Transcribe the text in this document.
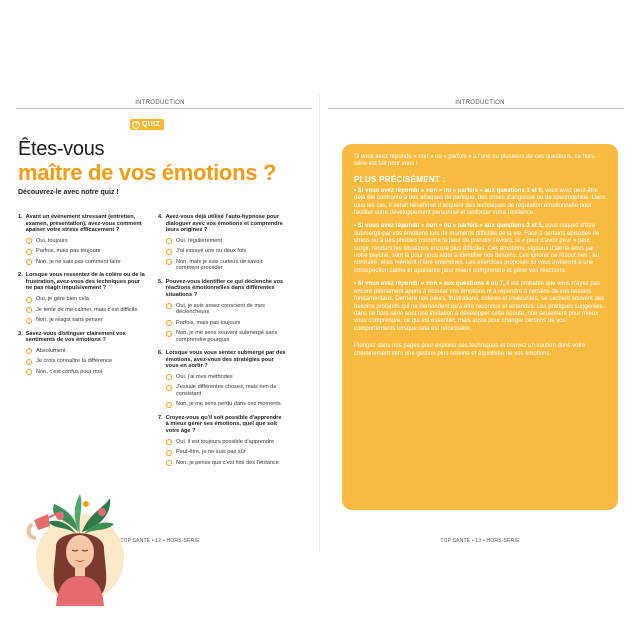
INTRODUCTION
? QUIZ
Êtes-vous
maître de vos émotions ?
Découvrez-le avec notre quiz !
1. Avant un événement stressant (entretien, examen, présentation), avez-vous comment apaiser votre stress efficacement ?
Oui, toujours
Parfois, mais pas toujours
Non, je ne sais pas comment faire
2. Lorsque vous ressentez de la colère ou de la frustration, avez-vous des techniques pour ne pas réagir impulsivement ?
Oui, je gère bien cela
Je tente de me calmer, mais c'est difficile
Non, je réagis sans penser
3. Savez-vous distinguer clairement vos sentiments de vos émotions ?
Absolument
Je crois connaître la différence
Non, c'est confus pour moi
4. Avez-vous déjà utilisé l'auto-hypnose pour dialoguer avec vos émotions et comprendre leurs origines ?
Oui, régulièrement
J'ai essayé une ou deux fois
Non, mais je suis curieux de savoir comment procéder
5. Pouvez-vous identifier ce qui déclenche vos réactions émotionnelles dans différentes situations ?
Oui, je suis assez conscient de mes déclencheurs
Parfois, mais pas toujours
Non, je me sens souvent submergé sans comprendre pourquoi
6. Lorsque vous vous sentez submergé par des émotions, avez-vous des stratégies pour vous en sortir ?
Oui, j'ai mes méthodes
J'essaie différentes choses, mais rien de consistant
Non, je me sens perdu dans ces moments
7. Croyez-vous qu'il soit possible d'apprendre à mieux gérer ses émotions, quel que soit votre âge ?
Oui, il est toujours possible d'apprendre
Peut-être, je ne suis pas sûr
Non, je pense que c'est fixé dès l'enfance
TOP SANTÉ • 12 • HORS-SÉRIE
INTRODUCTION

Si vous avez répondu « non » ou « parfois » à l'une ou plusieurs de ces questions, ce hors-série est fait pour vous !

PLUS PRÉCISÉMENT :

• Si vous avez répondu « non » ou « parfois » aux questions 1 et 6, vous avez peut-être déjà été confronté à des attaques de panique, des crises d'angoisse ou de spasmophilie. Dans tous les cas, il serait bénéfique d'acquérir des techniques de régulation émotionnelle pour faciliter votre développement personnel et renforcer votre résilience.

• Si vous avez répondu « non » ou « parfois » aux questions 3 et 5, vous risquez d'être submergé par vos émotions lors de moments difficiles de la vie. Face à certains épisodes de stress ou à des phobies (comme la peur de prendre l'avion), la « peur d'avoir peur » peut surgir, rendant les situations encore plus difficiles. Ces émotions, signaux d'alerte émis par notre psyché, sont là pour nous aider à identifier nos besoins. Les ignorer ne résout rien ; au contraire, elles méritent d'être entendues. Les exercices proposés ici vous inviteront à une introspection calme et apaisante pour mieux comprendre et gérer vos réactions.

• Si vous avez répondu « non » aux questions 4 ou 7, il est probable que vous n'ayez pas encore pleinement appris à écouter vos émotions ni à répondre à certains de vos besoins fondamentaux. Derrière nos peurs, frustrations, colères et insécurités, se cachent souvent des besoins profonds qui ne demandent qu'à être reconnus et entendus. Les pratiques suggérées dans ce hors-série sont une invitation à développer cette écoute, non seulement pour mieux vous comprendre, ce qui est essentiel, mais aussi pour changer certains de vos comportements lorsque cela est nécessaire.

Plongez dans nos pages pour explorer ces techniques et trouvez un soutien dans votre cheminement vers une gestion plus sereine et équilibrée de vos émotions.

TOP SANTÉ • 13 • HORS-SÉRIE
